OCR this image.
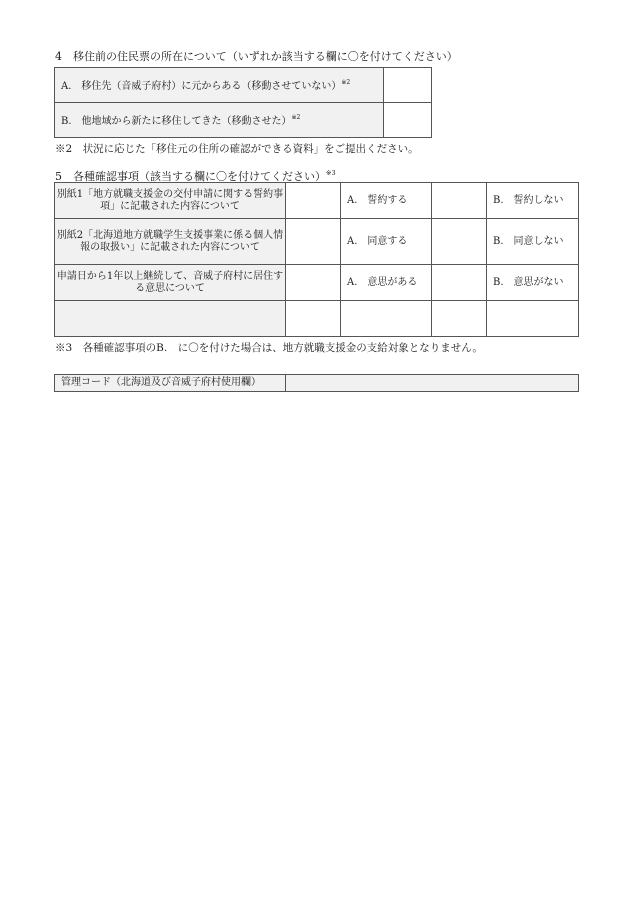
4　移住前の住民票の所在について（いずれか該当する欄に〇を付けてください）
A.　移住先（音威子府村）に元からある（移動させていない）$^{※2}$	
B.　他地域から新たに移住してきた（移動させた）$^{※2}$	
※2　状況に応じた「移住元の住所の確認ができる資料」をご提出ください。
5　各種確認事項（該当する欄に〇を付けてください）$^{※3}$
別紙1「地方就職支援金の交付申請に関する誓約事項」に記載された内容について		A.　誓約する		B.　誓約しない
別紙2「北海道地方就職学生支援事業に係る個人情報の取扱い」に記載された内容について		A.　同意する		B.　同意しない
申請日から1年以上継続して、音威子府村に居住する意思について		A.　意思がある		B.　意思がない

※3　各種確認事項のB.　に〇を付けた場合は、地方就職支援金の支給対象となりません。
管理コード（北海道及び音威子府村使用欄）	
